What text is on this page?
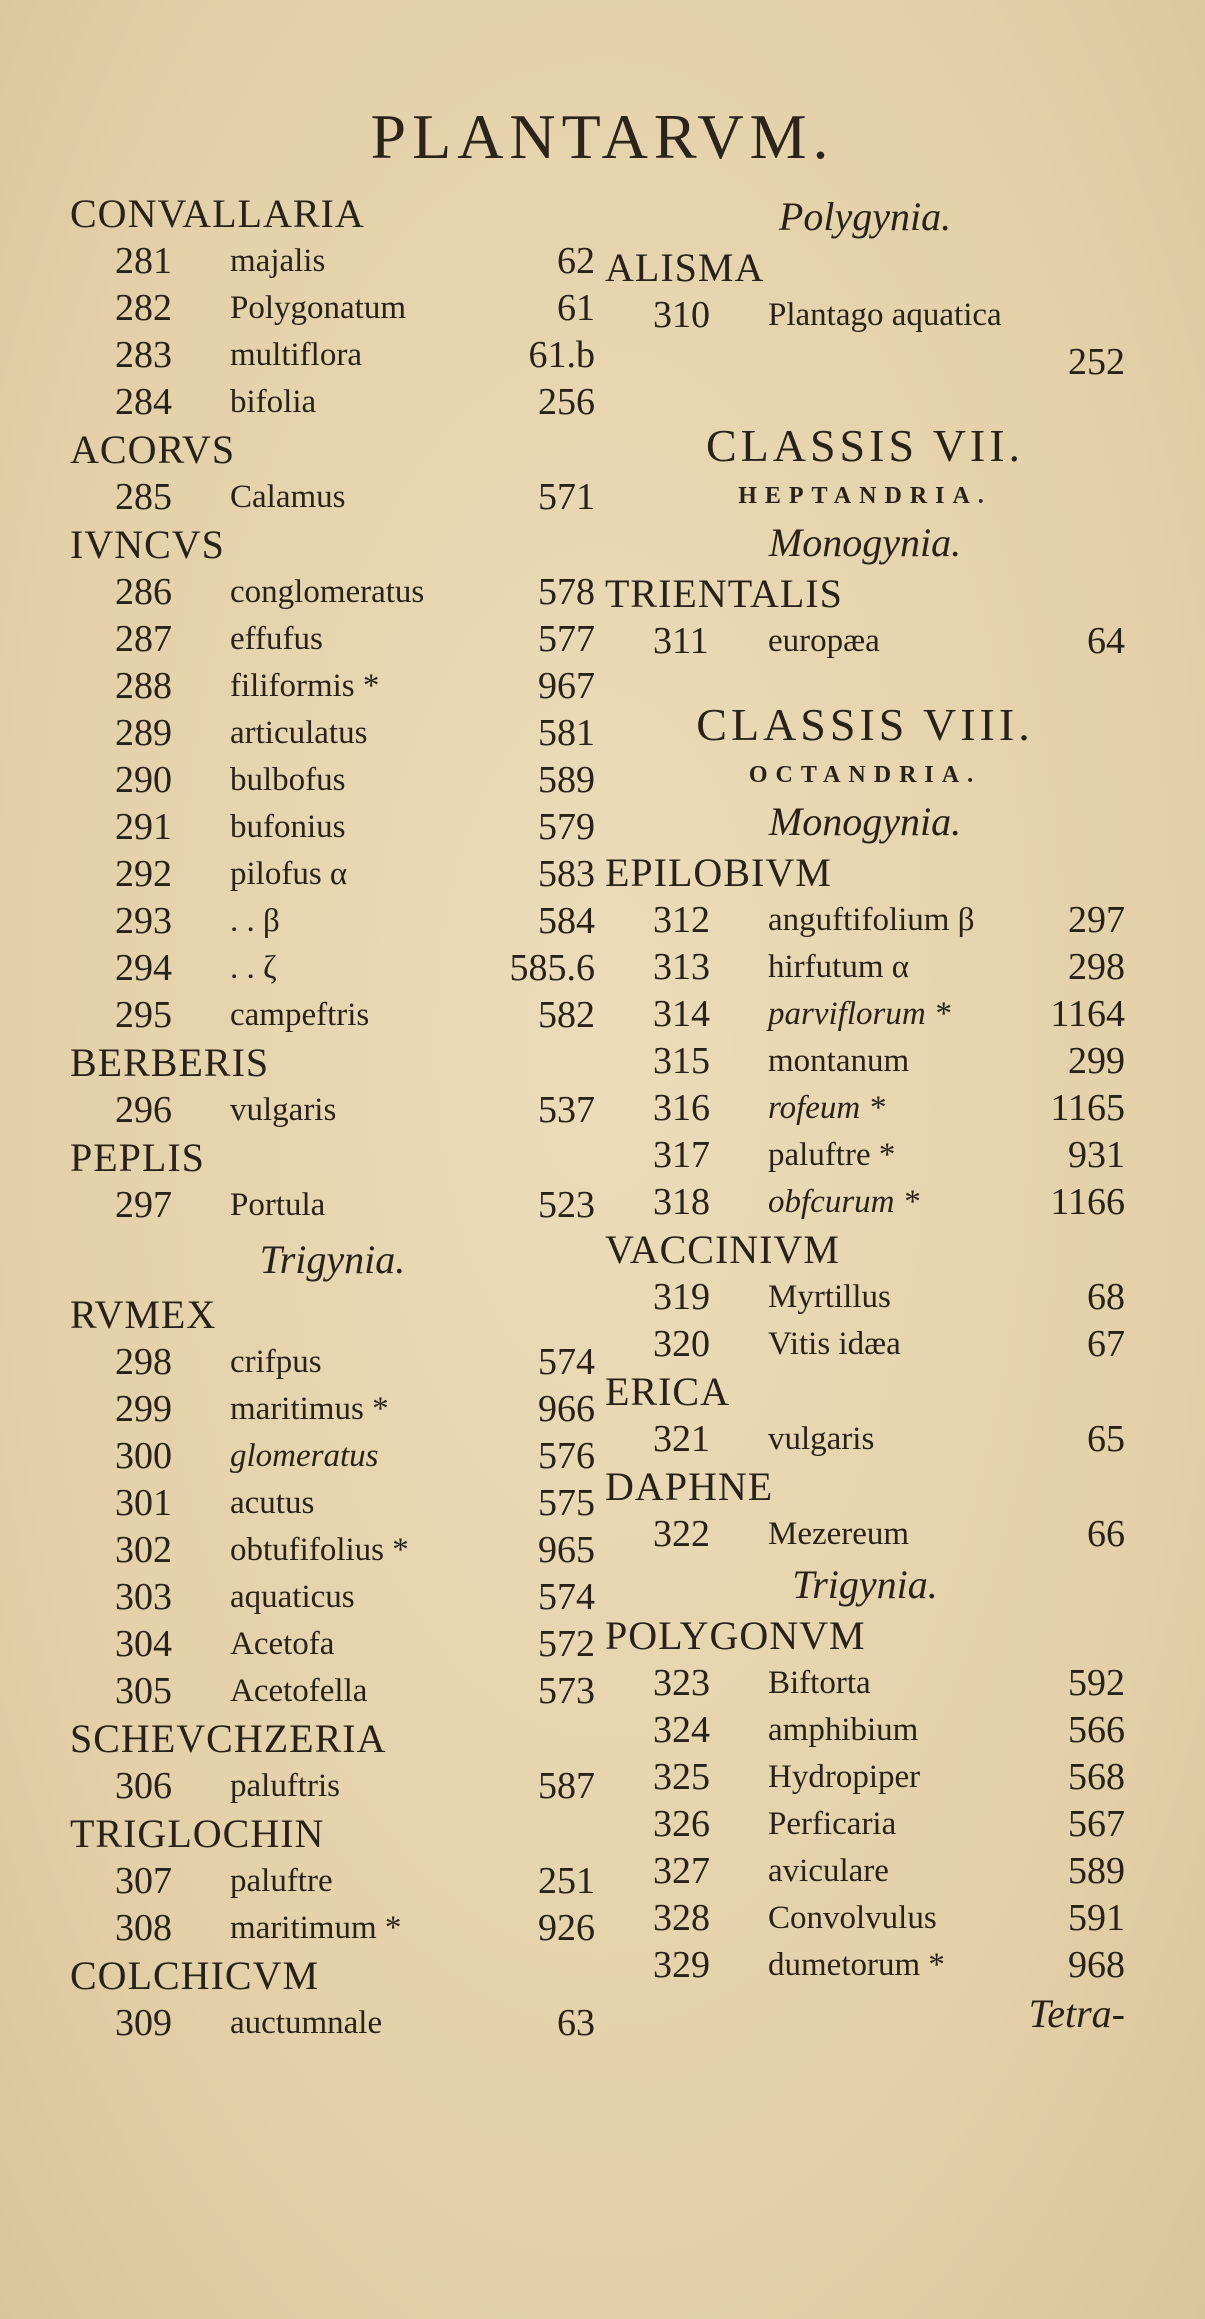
PLANTARVM.
CONVALLARIA
281 majalis	62
282 Polygonatum	61
283 multiflora	61.b
284 bifolia	256
ACORVS
285 Calamus	571
IVNCVS
286 conglomeratus	578
287 effufus	577
288 filiformis *	967
289 articulatus	581
290 bulbofus	589
291 bufonius	579
292 pilofus α	583
293 . . β	584
294 . . ζ	585.6
295 campeftris	582
BERBERIS
296 vulgaris	537
PEPLIS
297 Portula	523
Trigynia.
RVMEX
298 crifpus	574
299 maritimus *	966
300 glomeratus	576
301 acutus	575
302 obtufifolius *	965
303 aquaticus	574
304 Acetofa	572
305 Acetofella	573
SCHEVCHZERIA
306 paluftris	587
TRIGLOCHIN
307 paluftre	251
308 maritimum *	926
COLCHICVM
309 auctumnale	63
Polygynia.
ALISMA
310 Plantago aquatica
252
CLASSIS VII.
HEPTANDRIA.
Monogynia.
TRIENTALIS
311 europæa	64
CLASSIS VIII.
OCTANDRIA.
Monogynia.
EPILOBIVM
312 anguftifolium β 297
313 hirfutum α	298
314 parviflorum *	1164
315 montanum	299
316 rofeum *	1165
317 paluftre *	931
318 obfcurum *	1166
VACCINIVM
319 Myrtillus	68
320 Vitis idæa	67
ERICA
321 vulgaris	65
DAPHNE
322 Mezereum	66
Trigynia.
POLYGONVM
323 Biftorta	592
324 amphibium	566
325 Hydropiper	568
326 Perficaria	567
327 aviculare	589
328 Convolvulus	591
329 dumetorum *	968
Tetra-
